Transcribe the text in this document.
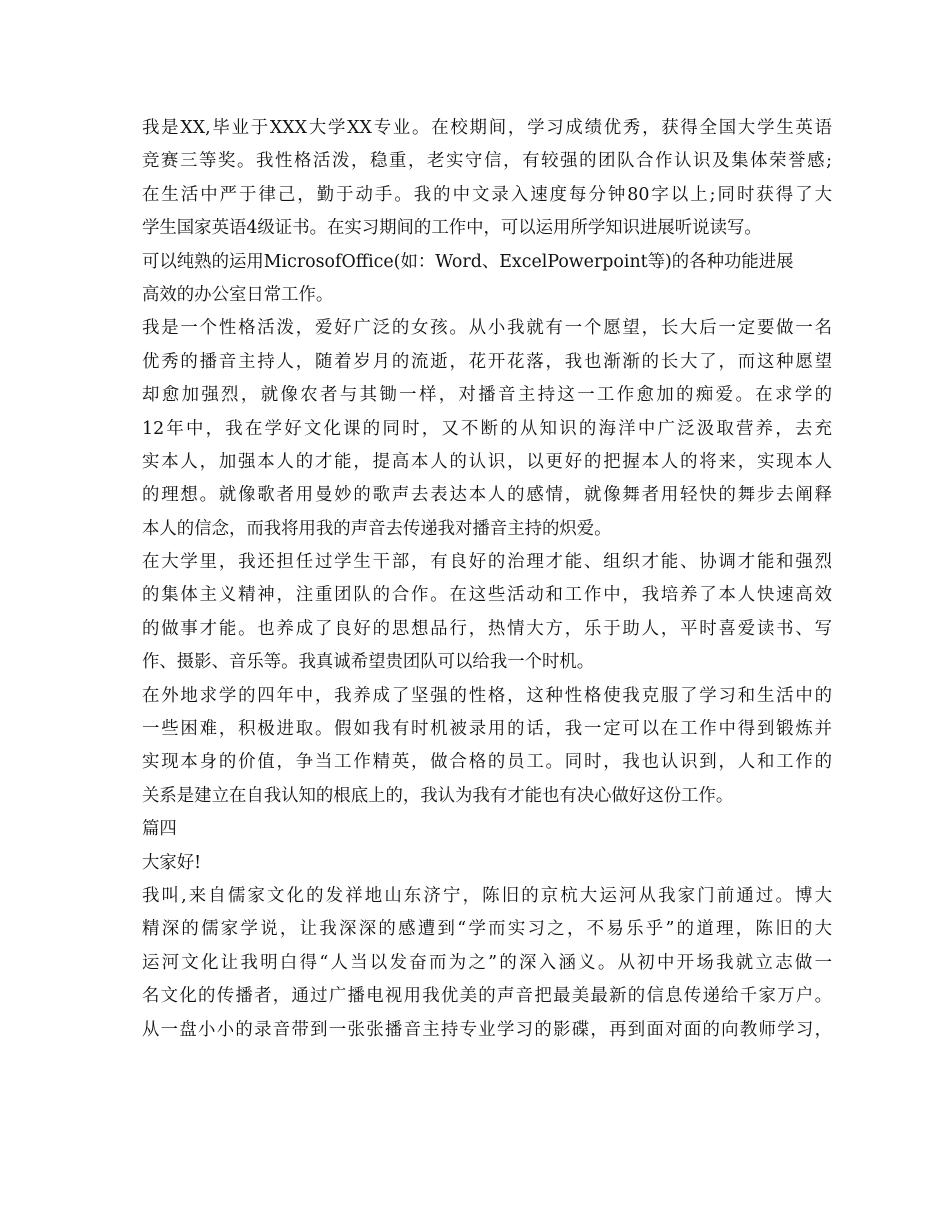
我是XX,毕业于XXX大学XX专业。在校期间，学习成绩优秀，获得全国大学生英语
竞赛三等奖。我性格活泼，稳重，老实守信，有较强的团队合作认识及集体荣誉感;
在生活中严于律己，勤于动手。我的中文录入速度每分钟80字以上;同时获得了大
学生国家英语4级证书。在实习期间的工作中，可以运用所学知识进展听说读写。
可以纯熟的运用MicrosofOffice(如：Word、ExcelPowerpoint等)的各种功能进展
高效的办公室日常工作。
我是一个性格活泼，爱好广泛的女孩。从小我就有一个愿望，长大后一定要做一名
优秀的播音主持人，随着岁月的流逝，花开花落，我也渐渐的长大了，而这种愿望
却愈加强烈，就像农者与其锄一样，对播音主持这一工作愈加的痴爱。在求学的
12年中，我在学好文化课的同时，又不断的从知识的海洋中广泛汲取营养，去充
实本人，加强本人的才能，提高本人的认识，以更好的把握本人的将来，实现本人
的理想。就像歌者用曼妙的歌声去表达本人的感情，就像舞者用轻快的舞步去阐释
本人的信念，而我将用我的声音去传递我对播音主持的炽爱。
在大学里，我还担任过学生干部，有良好的治理才能、组织才能、协调才能和强烈
的集体主义精神，注重团队的合作。在这些活动和工作中，我培养了本人快速高效
的做事才能。也养成了良好的思想品行，热情大方，乐于助人，平时喜爱读书、写
作、摄影、音乐等。我真诚希望贵团队可以给我一个时机。
在外地求学的四年中，我养成了坚强的性格，这种性格使我克服了学习和生活中的
一些困难，积极进取。假如我有时机被录用的话，我一定可以在工作中得到锻炼并
实现本身的价值，争当工作精英，做合格的员工。同时，我也认识到，人和工作的
关系是建立在自我认知的根底上的，我认为我有才能也有决心做好这份工作。
篇四
大家好!
我叫,来自儒家文化的发祥地山东济宁，陈旧的京杭大运河从我家门前通过。博大
精深的儒家学说，让我深深的感遭到“学而实习之，不易乐乎”的道理，陈旧的大
运河文化让我明白得“人当以发奋而为之”的深入涵义。从初中开场我就立志做一
名文化的传播者，通过广播电视用我优美的声音把最美最新的信息传递给千家万户。
从一盘小小的录音带到一张张播音主持专业学习的影碟，再到面对面的向教师学习，
